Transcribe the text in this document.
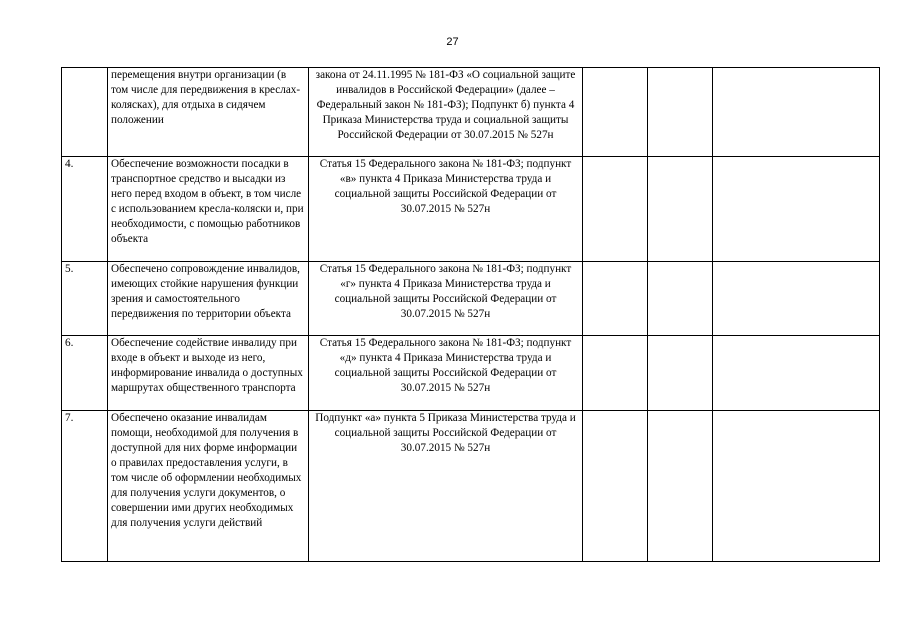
27

	перемещения внутри организации (в том числе для передвижения в креслах-колясках), для отдыха в сидячем положении	закона от 24.11.1995 № 181-ФЗ «О социальной защите инвалидов в Российской Федерации» (далее – Федеральный закон № 181-ФЗ); Подпункт б) пункта 4 Приказа Министерства труда и социальной защиты Российской Федерации от 30.07.2015 № 527н			

4.	Обеспечение возможности посадки в транспортное средство и высадки из него перед входом в объект, в том числе с использованием кресла-коляски и, при необходимости, с помощью работников объекта	Статья 15 Федерального закона № 181-ФЗ; подпункт «в» пункта 4 Приказа Министерства труда и социальной защиты Российской Федерации от 30.07.2015 № 527н			

5.	Обеспечено сопровождение инвалидов, имеющих стойкие нарушения функции зрения и самостоятельного передвижения по территории объекта	Статья 15 Федерального закона № 181-ФЗ; подпункт «г» пункта 4 Приказа Министерства труда и социальной защиты Российской Федерации от 30.07.2015 № 527н			

6.	Обеспечение содействие инвалиду при входе в объект и выходе из него, информирование инвалида о доступных маршрутах общественного транспорта	Статья 15 Федерального закона № 181-ФЗ; подпункт «д» пункта 4 Приказа Министерства труда и социальной защиты Российской Федерации от 30.07.2015 № 527н			

7.	Обеспечено оказание инвалидам помощи, необходимой для получения в доступной для них форме информации о правилах предоставления услуги, в том числе об оформлении необходимых для получения услуги документов, о совершении ими других необходимых для получения услуги действий	Подпункт «а» пункта 5 Приказа Министерства труда и социальной защиты Российской Федерации от 30.07.2015 № 527н			
